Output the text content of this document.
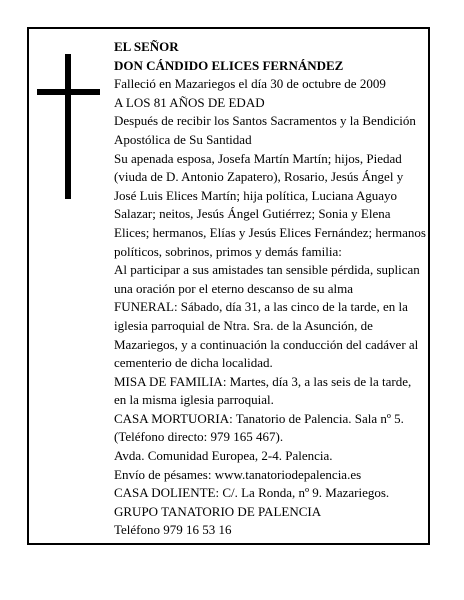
EL SEÑOR

DON CÁNDIDO ELICES FERNÁNDEZ

Falleció en Mazariegos el día 30 de octubre de 2009

A LOS 81 AÑOS DE EDAD

Después de recibir los Santos Sacramentos y la Bendición Apostólica de Su Santidad

Su apenada esposa, Josefa Martín Martín; hijos, Piedad (viuda de D. Antonio Zapatero), Rosario, Jesús Ángel y José Luis Elices Martín; hija política, Luciana Aguayo Salazar; neitos, Jesús Ángel Gutiérrez; Sonia y Elena Elices; hermanos, Elías y Jesús Elices Fernández; hermanos políticos, sobrinos, primos y demás familia:

Al participar a sus amistades tan sensible pérdida, suplican una oración por el eterno descanso de su alma

FUNERAL: Sábado, día 31, a las cinco de la tarde, en la iglesia parroquial de Ntra. Sra. de la Asunción, de Mazariegos, y a continuación la conducción del cadáver al cementerio de dicha localidad.

MISA DE FAMILIA: Martes, día 3, a las seis de la tarde, en la misma iglesia parroquial.

CASA MORTUORIA: Tanatorio de Palencia. Sala nº 5. (Teléfono directo: 979 165 467).

Avda. Comunidad Europea, 2-4. Palencia.

Envío de pésames: www.tanatoriodepalencia.es

CASA DOLIENTE: C/. La Ronda, nº 9. Mazariegos.

GRUPO TANATORIO DE PALENCIA

Teléfono 979 16 53 16
